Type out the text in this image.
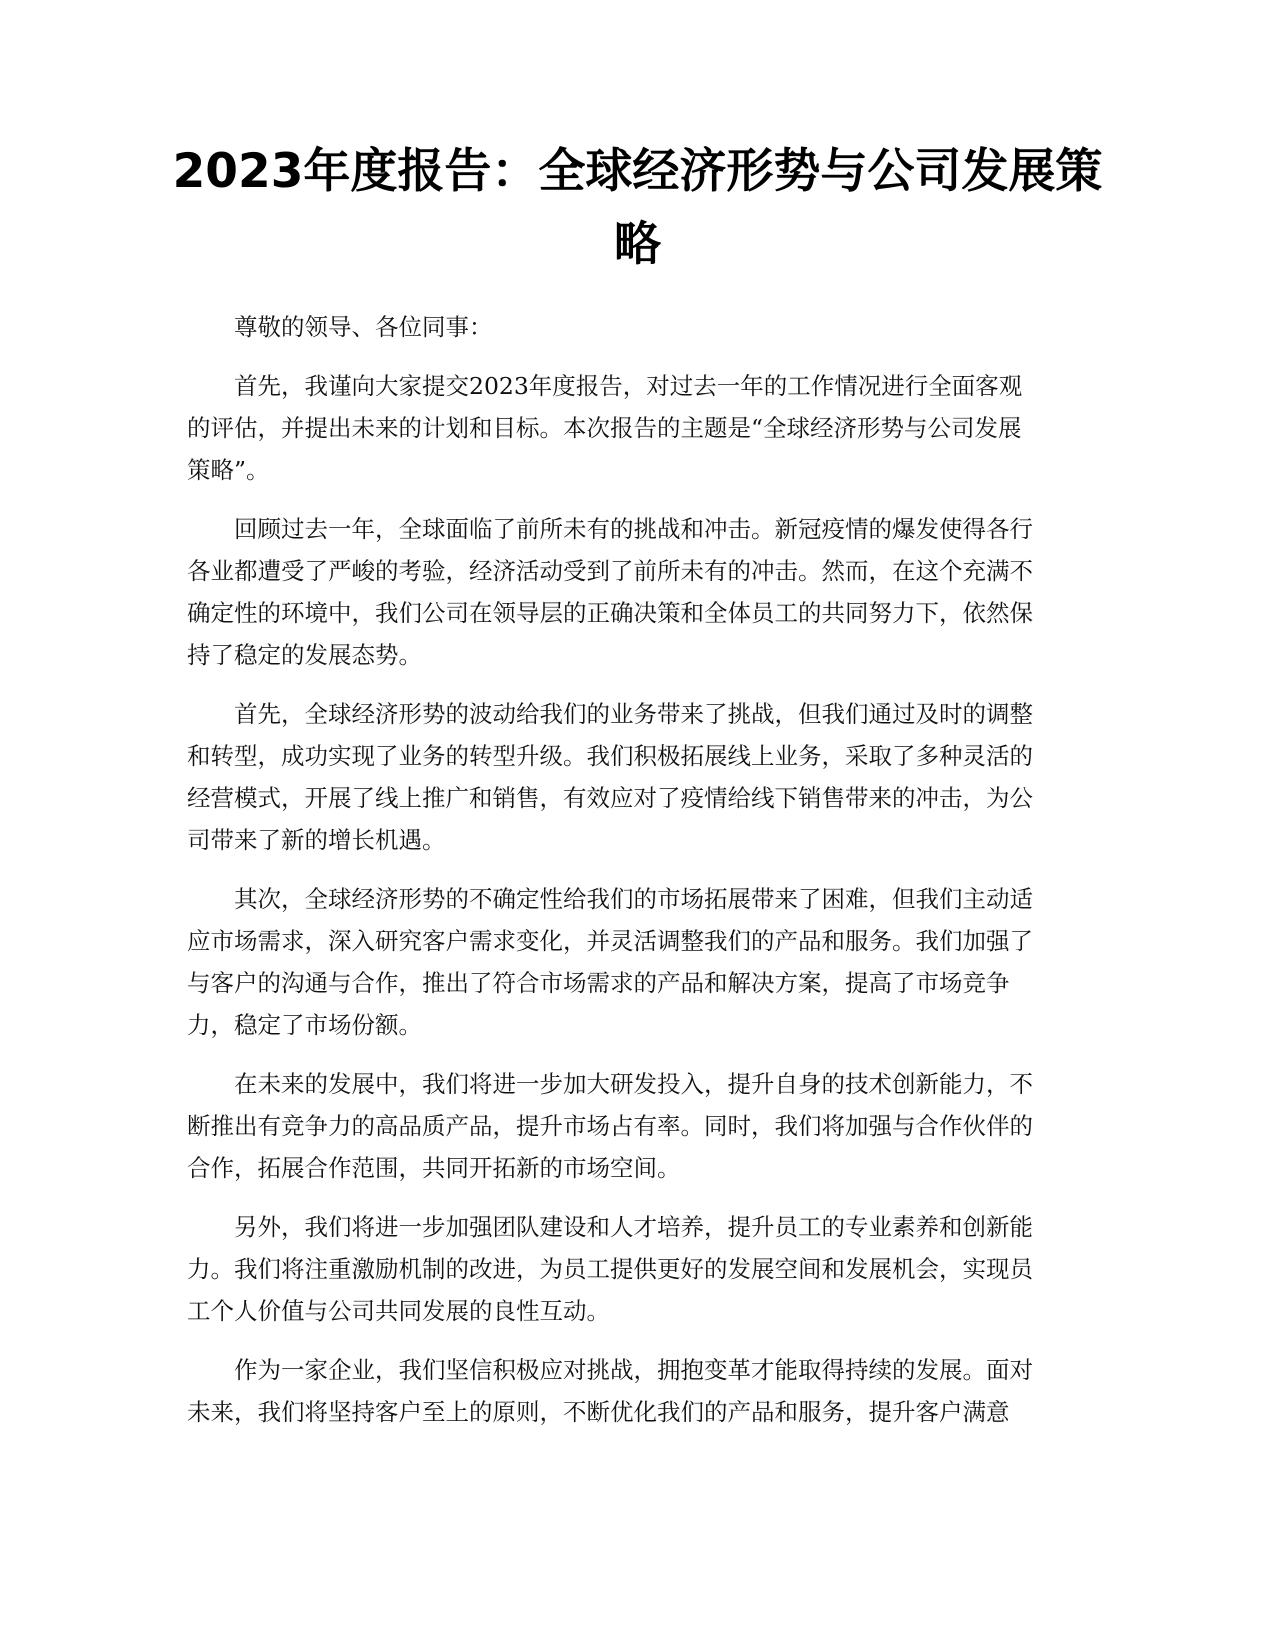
2023年度报告：全球经济形势与公司发展策
略
尊敬的领导、各位同事：
首先，我谨向大家提交2023年度报告，对过去一年的工作情况进行全面客观
的评估，并提出未来的计划和目标。本次报告的主题是“全球经济形势与公司发展
策略”。
回顾过去一年，全球面临了前所未有的挑战和冲击。新冠疫情的爆发使得各行
各业都遭受了严峻的考验，经济活动受到了前所未有的冲击。然而，在这个充满不
确定性的环境中，我们公司在领导层的正确决策和全体员工的共同努力下，依然保
持了稳定的发展态势。
首先，全球经济形势的波动给我们的业务带来了挑战，但我们通过及时的调整
和转型，成功实现了业务的转型升级。我们积极拓展线上业务，采取了多种灵活的
经营模式，开展了线上推广和销售，有效应对了疫情给线下销售带来的冲击，为公
司带来了新的增长机遇。
其次，全球经济形势的不确定性给我们的市场拓展带来了困难，但我们主动适
应市场需求，深入研究客户需求变化，并灵活调整我们的产品和服务。我们加强了
与客户的沟通与合作，推出了符合市场需求的产品和解决方案，提高了市场竞争
力，稳定了市场份额。
在未来的发展中，我们将进一步加大研发投入，提升自身的技术创新能力，不
断推出有竞争力的高品质产品，提升市场占有率。同时，我们将加强与合作伙伴的
合作，拓展合作范围，共同开拓新的市场空间。
另外，我们将进一步加强团队建设和人才培养，提升员工的专业素养和创新能
力。我们将注重激励机制的改进，为员工提供更好的发展空间和发展机会，实现员
工个人价值与公司共同发展的良性互动。
作为一家企业，我们坚信积极应对挑战，拥抱变革才能取得持续的发展。面对
未来，我们将坚持客户至上的原则，不断优化我们的产品和服务，提升客户满意
